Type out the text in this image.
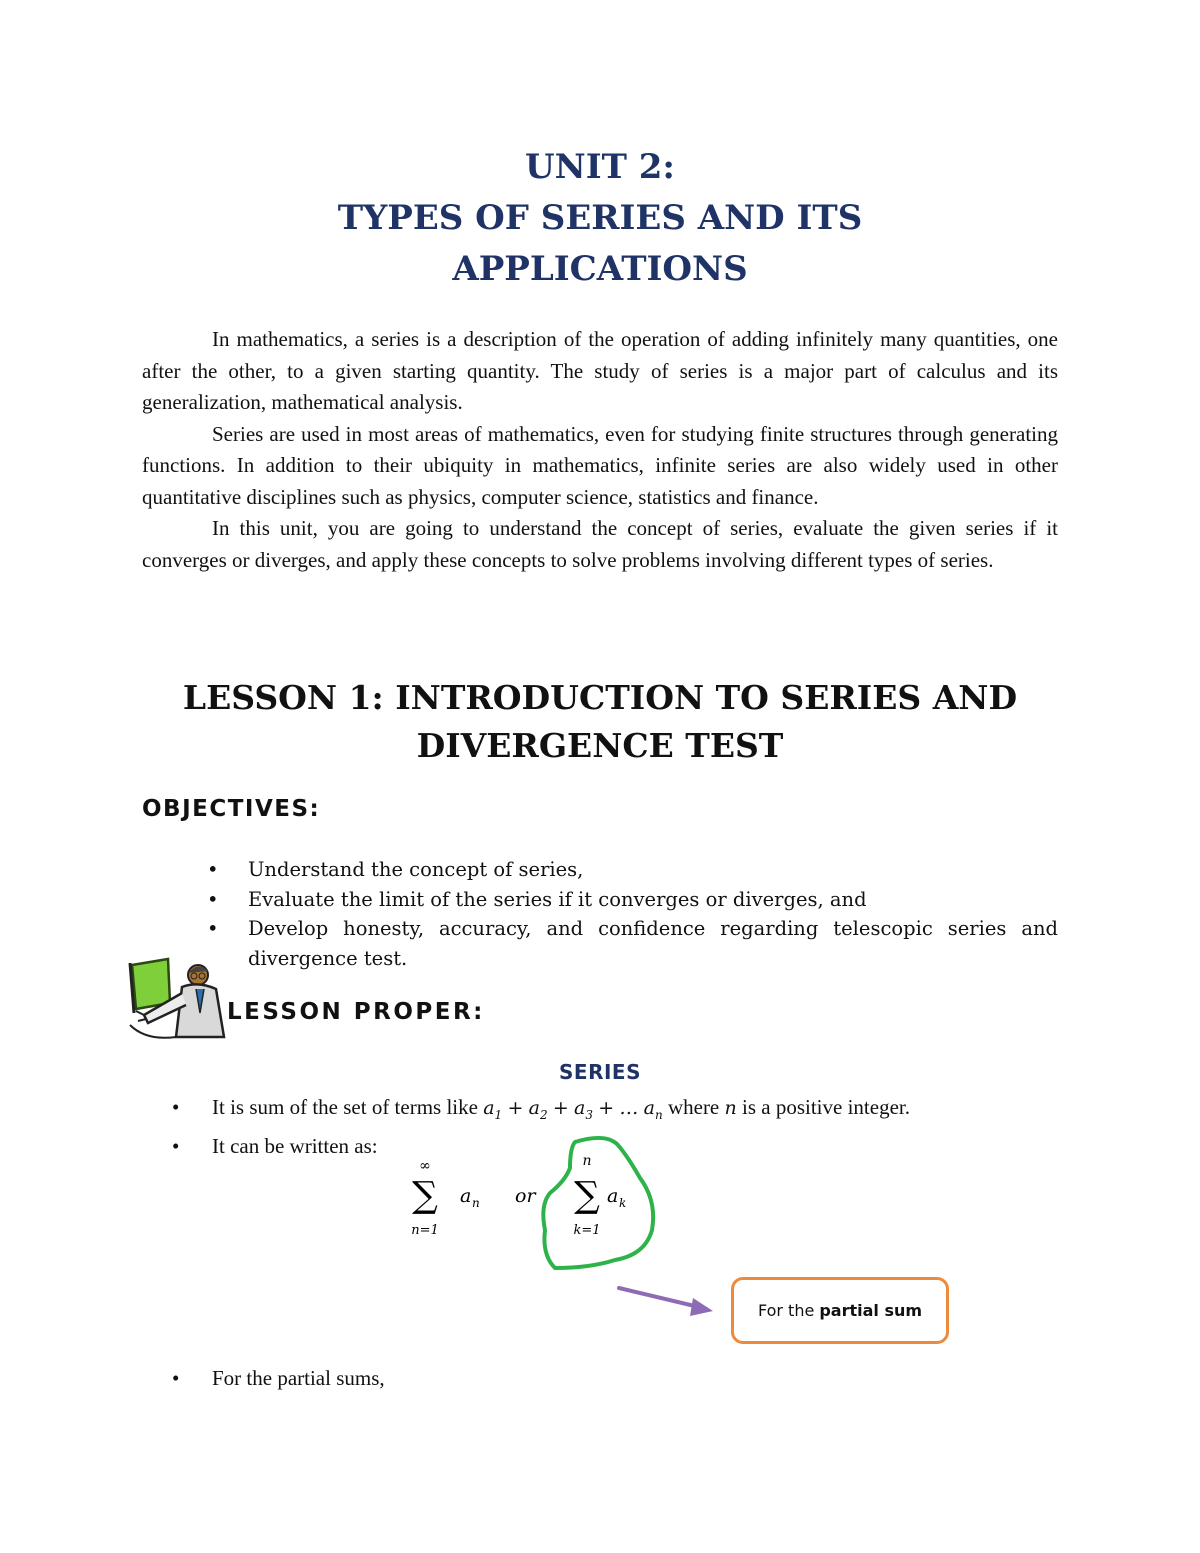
UNIT 2:
TYPES OF SERIES AND ITS
APPLICATIONS

In mathematics, a series is a description of the operation of adding infinitely many quantities, one after the other, to a given starting quantity. The study of series is a major part of calculus and its generalization, mathematical analysis.

Series are used in most areas of mathematics, even for studying finite structures through generating functions. In addition to their ubiquity in mathematics, infinite series are also widely used in other quantitative disciplines such as physics, computer science, statistics and finance.

In this unit, you are going to understand the concept of series, evaluate the given series if it converges or diverges, and apply these concepts to solve problems involving different types of series.

LESSON 1: INTRODUCTION TO SERIES AND
DIVERGENCE TEST
OBJECTIVES:
• Understand the concept of series,
• Evaluate the limit of the series if it converges or diverges, and
• Develop honesty, accuracy, and confidence regarding telescopic series and divergence test.
LESSON PROPER:
SERIES
• It is sum of the set of terms like $a_1 + a_2 + a_3$ + … $a_n$ where n is a positive integer.
• It can be written as:
∞
∑
n=1
a n or
n
∑
k=1
a k
For the partial sum
• For the partial sums,
